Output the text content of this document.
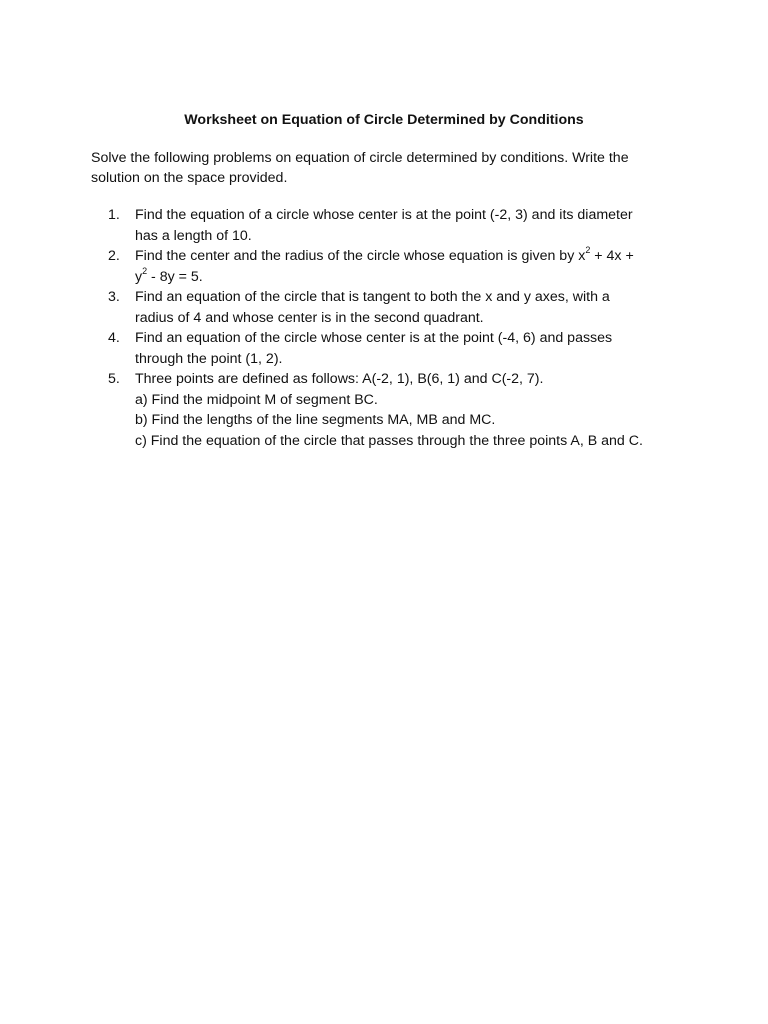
Worksheet on Equation of Circle Determined by Conditions
Solve the following problems on equation of circle determined by conditions. Write the
solution on the space provided.
1. Find the equation of a circle whose center is at the point (-2, 3) and its diameter
has a length of 10.
2. Find the center and the radius of the circle whose equation is given by $x^2 + 4x$ +
$y^2 - 8y = 5$.
3. Find an equation of the circle that is tangent to both the x and y axes, with a
radius of 4 and whose center is in the second quadrant.
4. Find an equation of the circle whose center is at the point (-4, 6) and passes
through the point (1, 2).
5. Three points are defined as follows: A(-2, 1), B(6, 1) and C(-2, 7).
a) Find the midpoint M of segment BC.
b) Find the lengths of the line segments MA, MB and MC.
c) Find the equation of the circle that passes through the three points A, B and C.
